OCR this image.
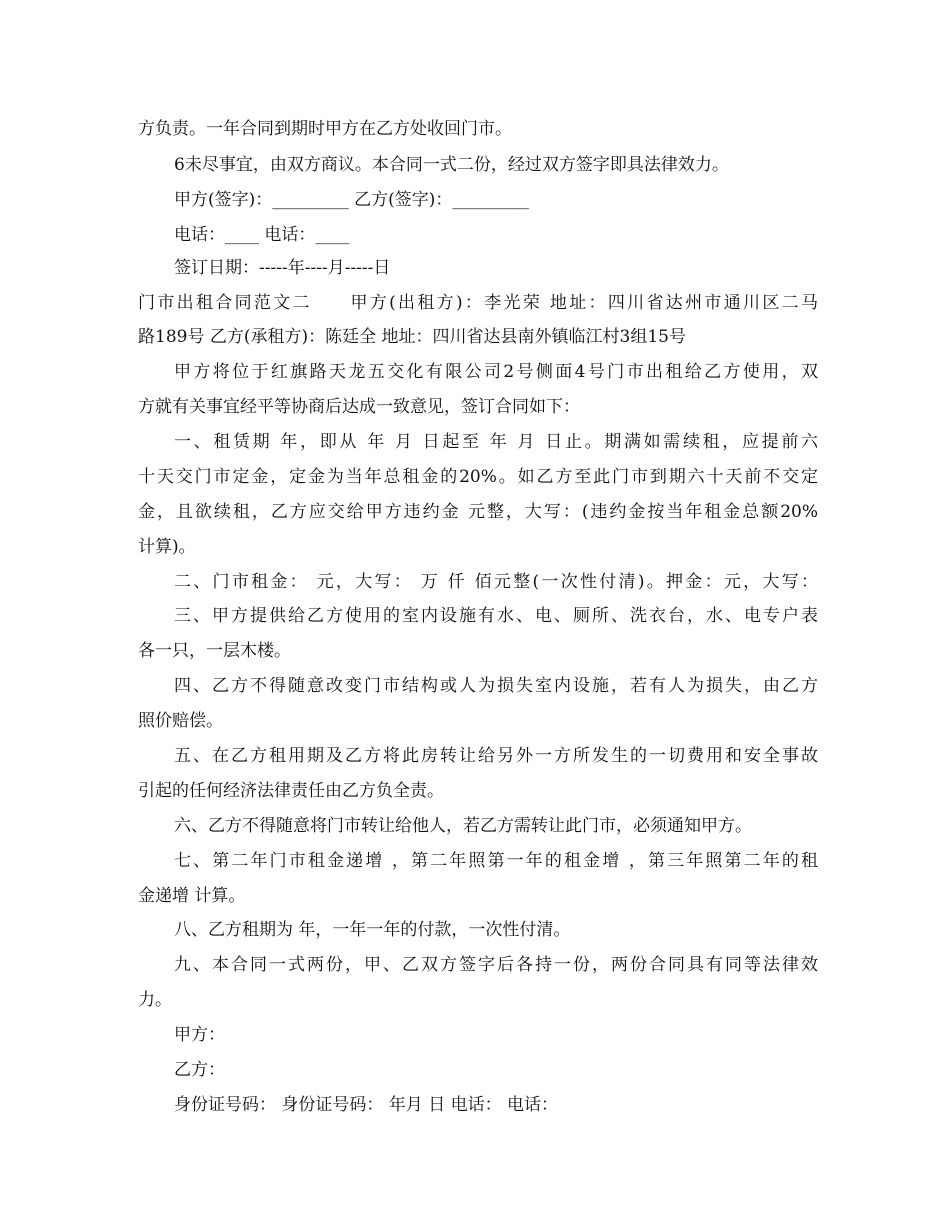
方负责。一年合同到期时甲方在乙方处收回门市。
6未尽事宜，由双方商议。本合同一式二份，经过双方签字即具法律效力。
甲方(签字)：_________ 乙方(签字)：_________
电话：____ 电话：____
签订日期：-----年----月-----日
门市出租合同范文二　　甲方(出租方)：李光荣 地址：四川省达州市通川区二马
路189号 乙方(承租方)：陈廷全 地址：四川省达县南外镇临江村3组15号
甲方将位于红旗路天龙五交化有限公司2号侧面4号门市出租给乙方使用，双
方就有关事宜经平等协商后达成一致意见，签订合同如下：
一、租赁期 年，即从 年 月 日起至 年 月 日止。期满如需续租，应提前六
十天交门市定金，定金为当年总租金的20%。如乙方至此门市到期六十天前不交定
金，且欲续租，乙方应交给甲方违约金 元整，大写：(违约金按当年租金总额20%
计算)。
二、门市租金： 元，大写： 万 仟 佰元整(一次性付清)。押金：元，大写：
三、甲方提供给乙方使用的室内设施有水、电、厕所、洗衣台，水、电专户表
各一只，一层木楼。
四、乙方不得随意改变门市结构或人为损失室内设施，若有人为损失，由乙方
照价赔偿。
五、在乙方租用期及乙方将此房转让给另外一方所发生的一切费用和安全事故
引起的任何经济法律责任由乙方负全责。
六、乙方不得随意将门市转让给他人，若乙方需转让此门市，必须通知甲方。
七、第二年门市租金递增 ，第二年照第一年的租金增 ，第三年照第二年的租
金递增 计算。
八、乙方租期为 年，一年一年的付款，一次性付清。
九、本合同一式两份，甲、乙双方签字后各持一份，两份合同具有同等法律效
力。
甲方：
乙方：
身份证号码： 身份证号码： 年月 日 电话： 电话：
